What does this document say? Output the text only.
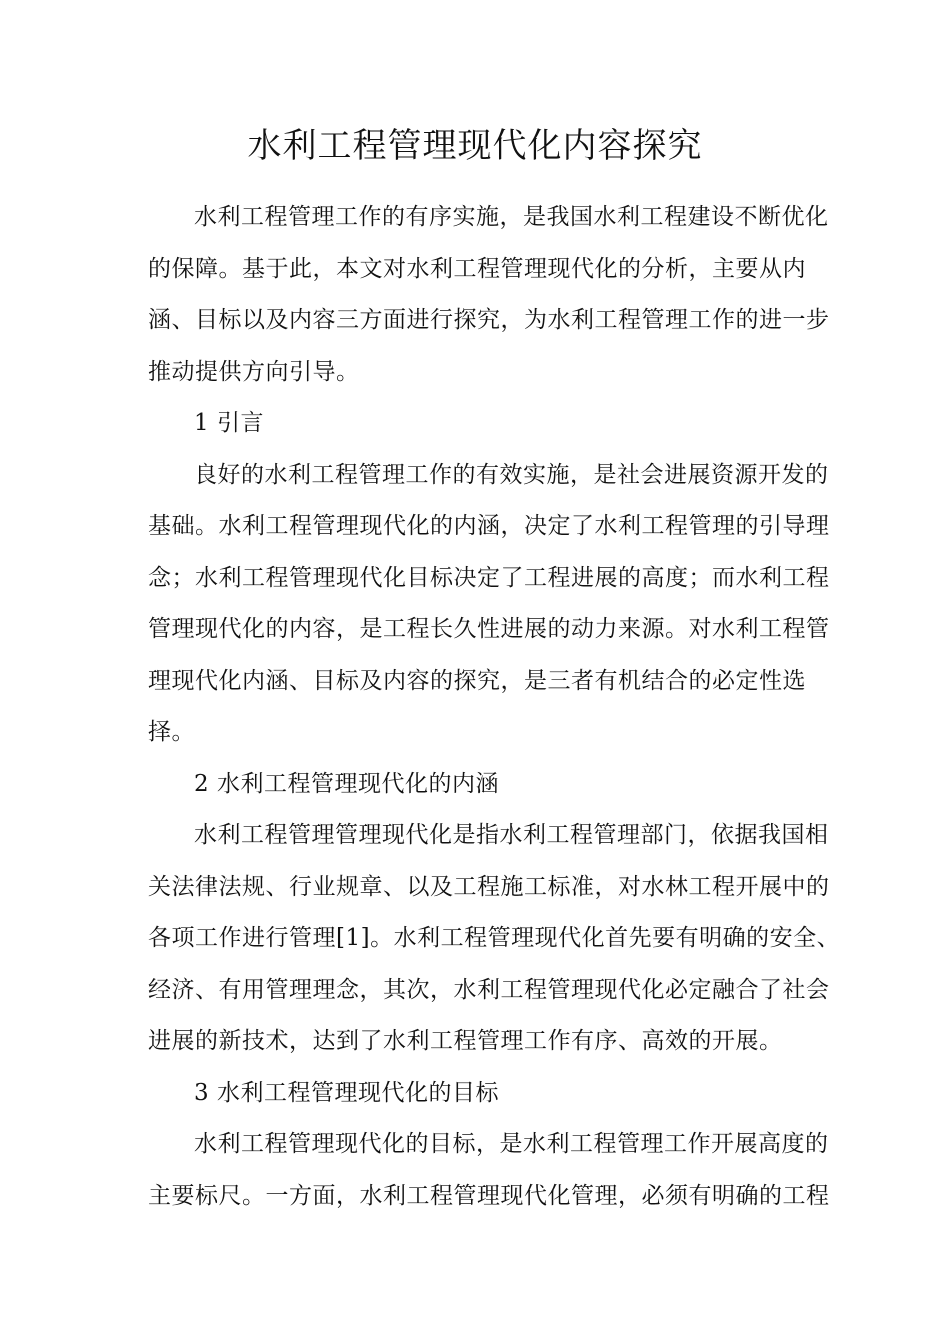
水利工程管理现代化内容探究
水利工程管理工作的有序实施，是我国水利工程建设不断优化
的保障。基于此，本文对水利工程管理现代化的分析，主要从内
涵、目标以及内容三方面进行探究，为水利工程管理工作的进一步
推动提供方向引导。
1 引言
良好的水利工程管理工作的有效实施，是社会进展资源开发的
基础。水利工程管理现代化的内涵，决定了水利工程管理的引导理
念；水利工程管理现代化目标决定了工程进展的高度；而水利工程
管理现代化的内容，是工程长久性进展的动力来源。对水利工程管
理现代化内涵、目标及内容的探究，是三者有机结合的必定性选
择。
2 水利工程管理现代化的内涵
水利工程管理管理现代化是指水利工程管理部门，依据我国相
关法律法规、行业规章、以及工程施工标准，对水林工程开展中的
各项工作进行管理[1]。水利工程管理现代化首先要有明确的安全、
经济、有用管理理念，其次，水利工程管理现代化必定融合了社会
进展的新技术，达到了水利工程管理工作有序、高效的开展。
3 水利工程管理现代化的目标
水利工程管理现代化的目标，是水利工程管理工作开展高度的
主要标尺。一方面，水利工程管理现代化管理，必须有明确的工程
